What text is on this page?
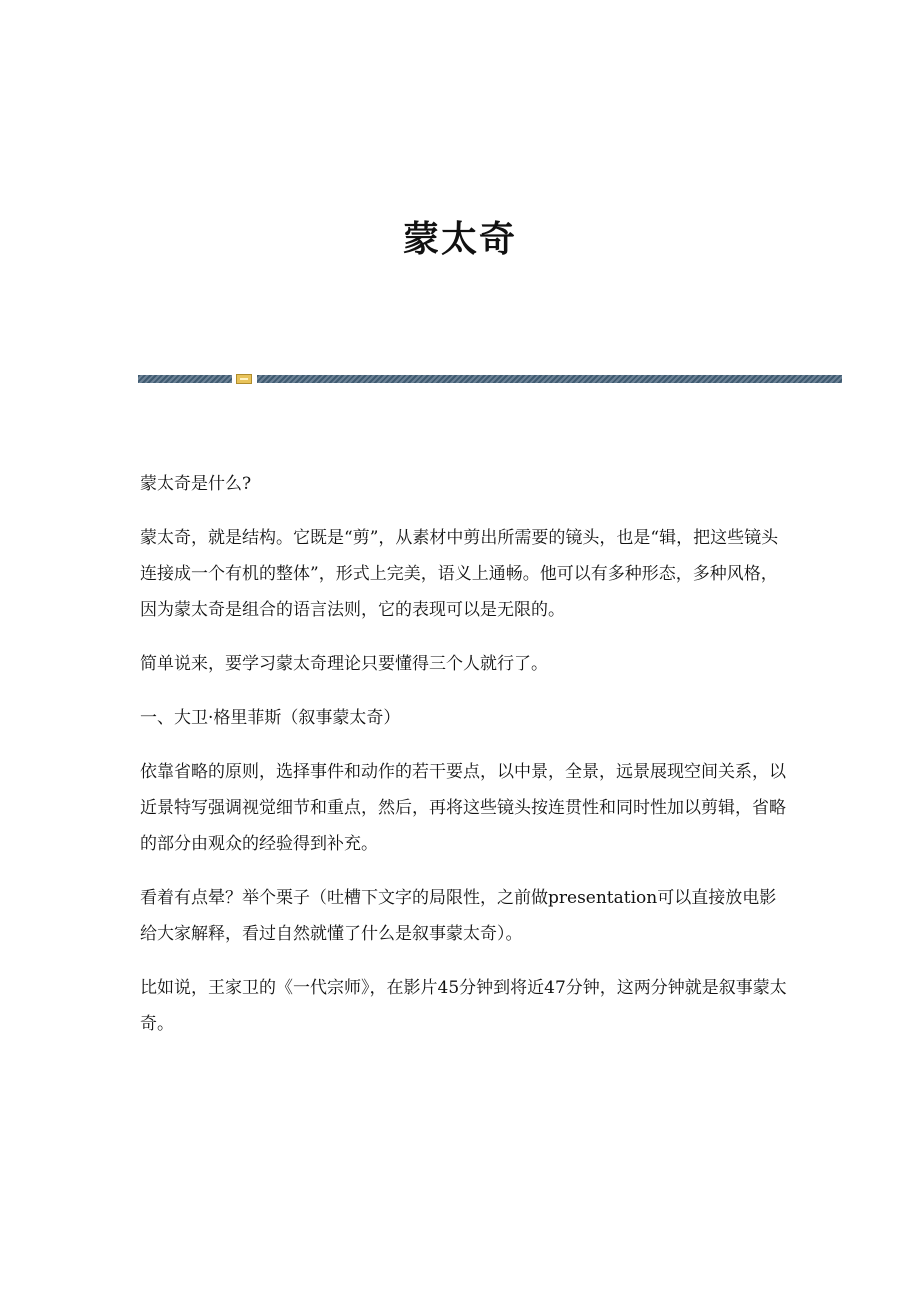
蒙太奇

蒙太奇是什么?

蒙太奇，就是结构。它既是“剪”，从素材中剪出所需要的镜头，也是“辑，把这些镜头连接成一个有机的整体”，形式上完美，语义上通畅。他可以有多种形态，多种风格，因为蒙太奇是组合的语言法则，它的表现可以是无限的。

简单说来，要学习蒙太奇理论只要懂得三个人就行了。

一、大卫·格里菲斯（叙事蒙太奇）

依靠省略的原则，选择事件和动作的若干要点，以中景，全景，远景展现空间关系，以近景特写强调视觉细节和重点，然后，再将这些镜头按连贯性和同时性加以剪辑，省略的部分由观众的经验得到补充。

看着有点晕？举个栗子（吐槽下文字的局限性，之前做presentation可以直接放电影给大家解释，看过自然就懂了什么是叙事蒙太奇）。

比如说，王家卫的《一代宗师》，在影片45分钟到将近47分钟，这两分钟就是叙事蒙太奇。
